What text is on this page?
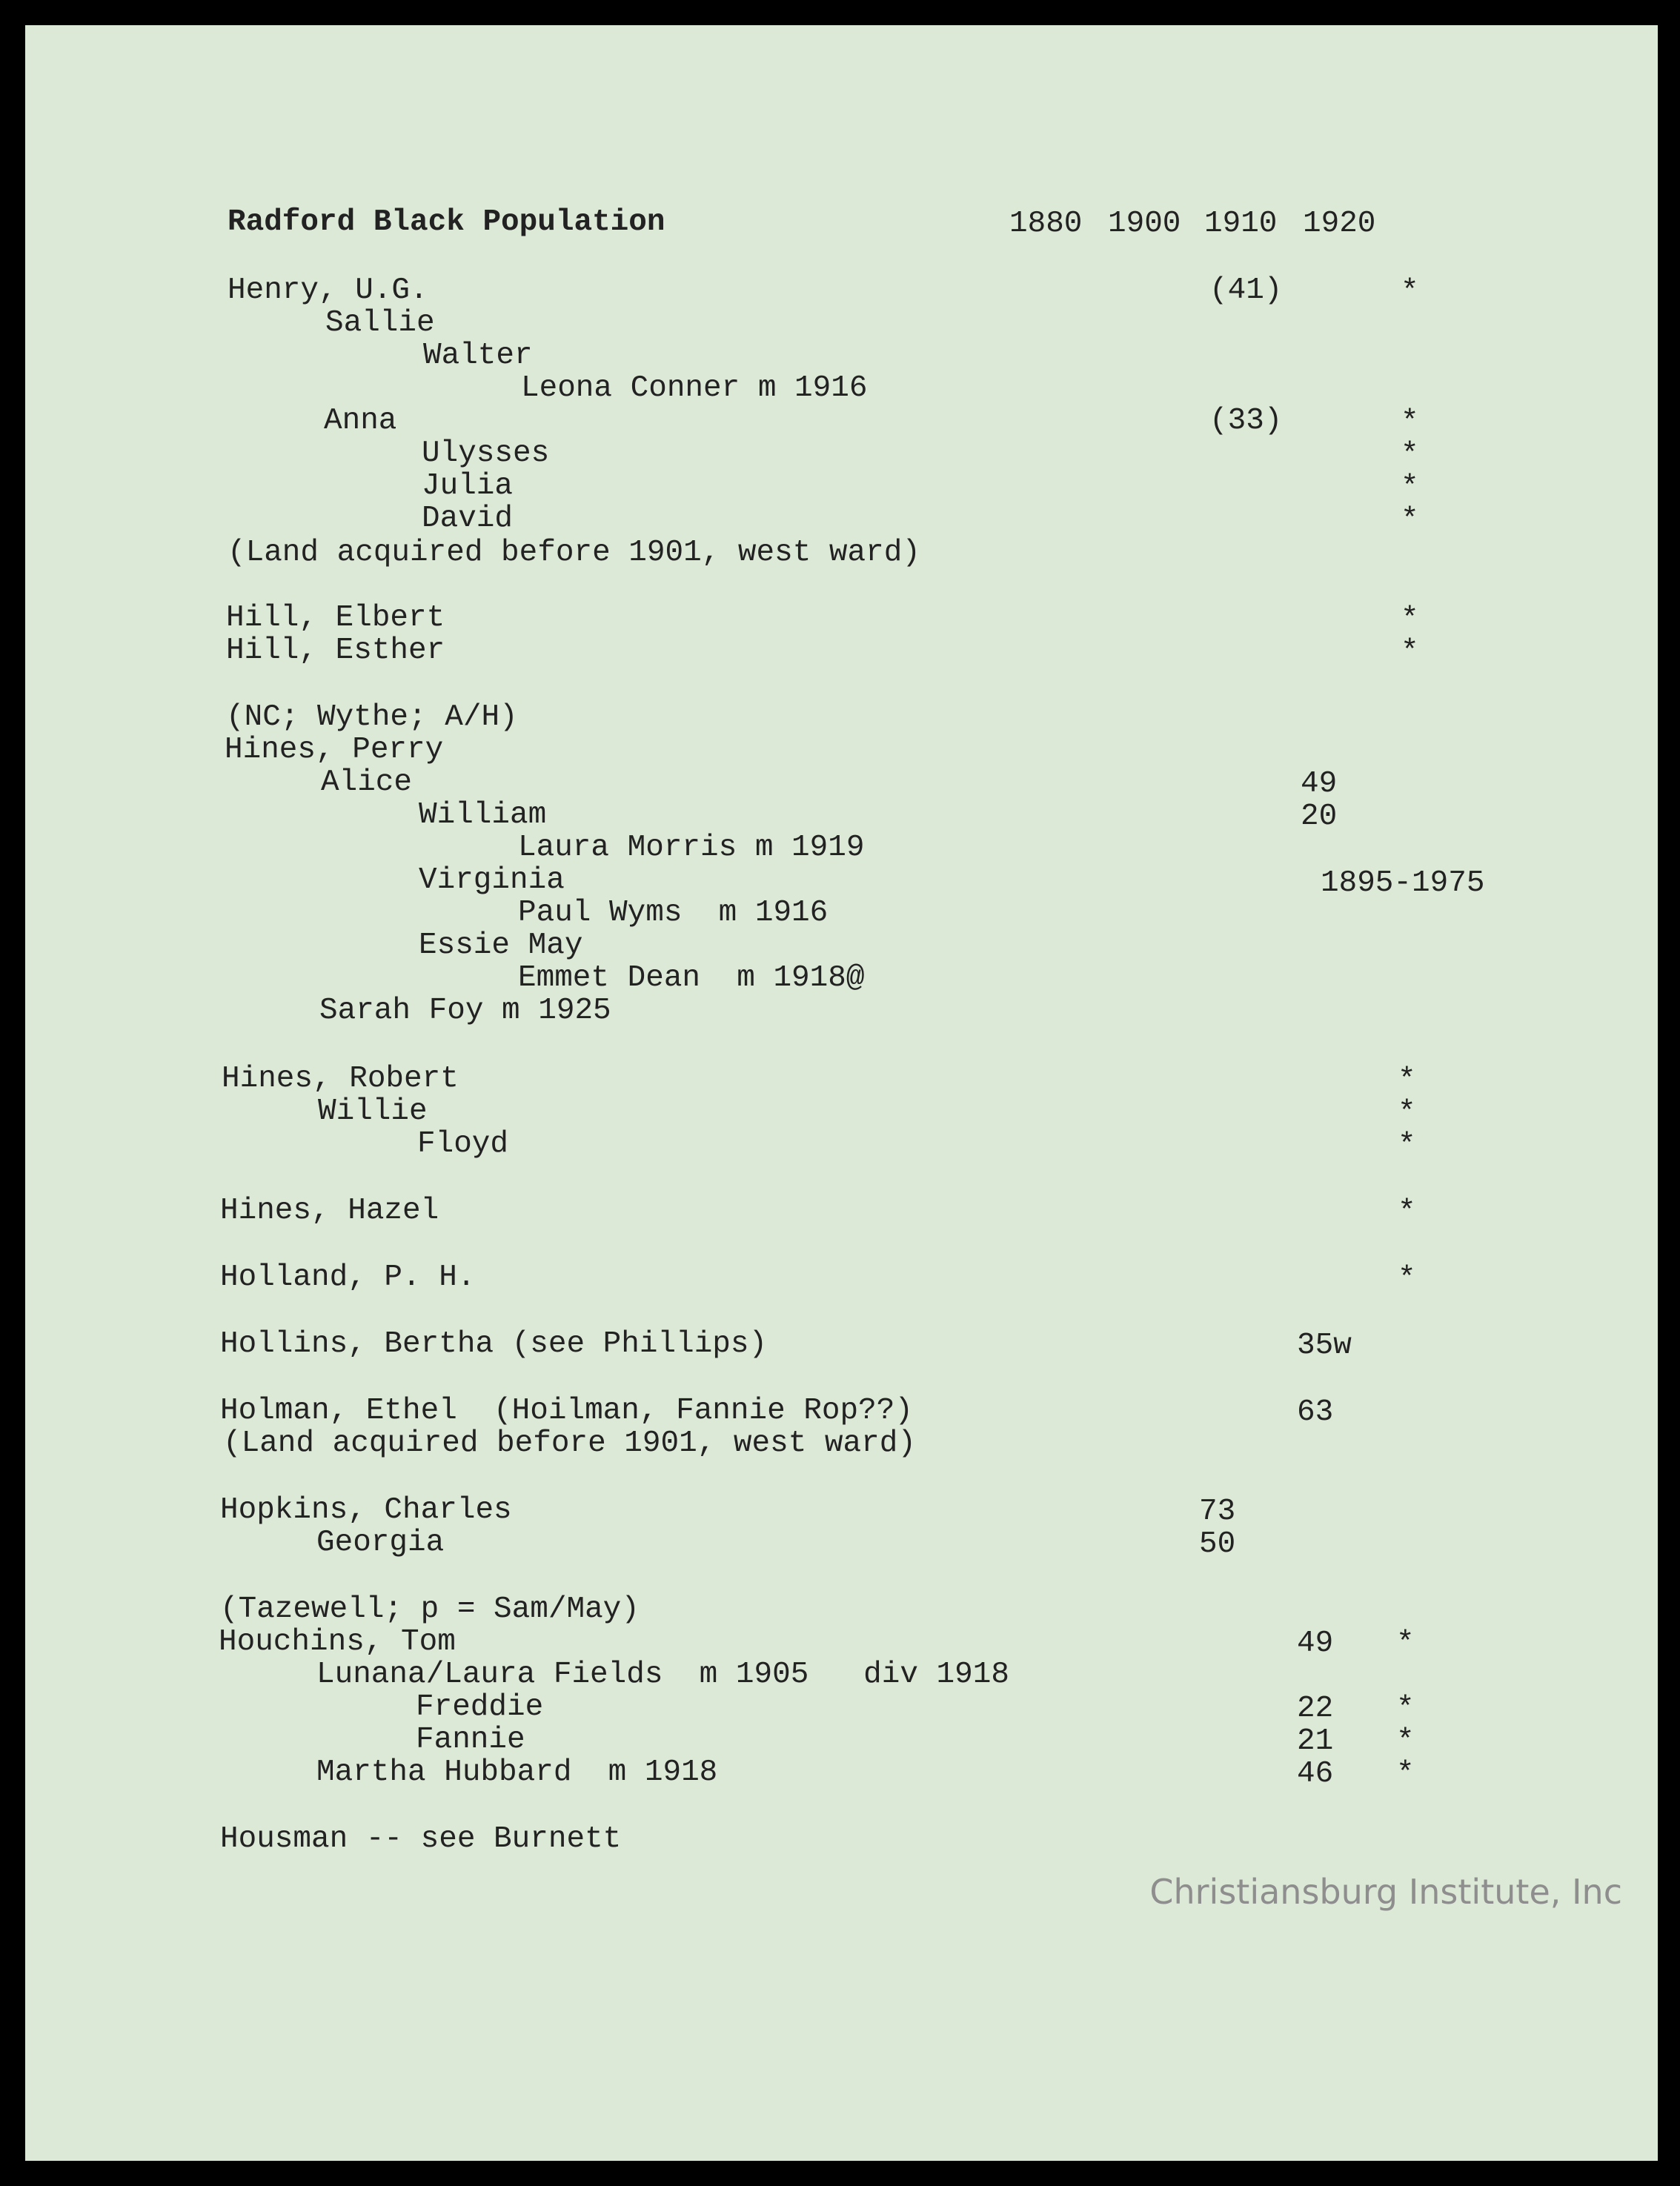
Radford Black Population	1880 1900 1910 1920
Henry, U.G.	(41)	*
Sallie
Walter
Leona Conner m 1916
Anna	(33)	*
Ulysses	*
Julia	*
David	*
(Land acquired before 1901, west ward)
Hill, Elbert	*
Hill, Esther	*
(NC; Wythe; A/H)
Hines, Perry
Alice	49
William	20
Laura Morris m 1919
Virginia	1895-1975
Paul Wyms  m 1916
Essie May
Emmet Dean  m 1918@
Sarah Foy m 1925
Hines, Robert	*
Willie	*
Floyd	*
Hines, Hazel	*
Holland, P. H.	*
Hollins, Bertha (see Phillips)	35w
Holman, Ethel  (Hoilman, Fannie Rop??)	63
(Land acquired before 1901, west ward)
Hopkins, Charles	73
Georgia	50
(Tazewell; p = Sam/May)
Houchins, Tom	49 *
Lunana/Laura Fields  m 1905   div 1918
Freddie	22 *
Fannie	21 *
Martha Hubbard  m 1918	46 *
Housman -- see Burnett
Christiansburg Institute, Inc
